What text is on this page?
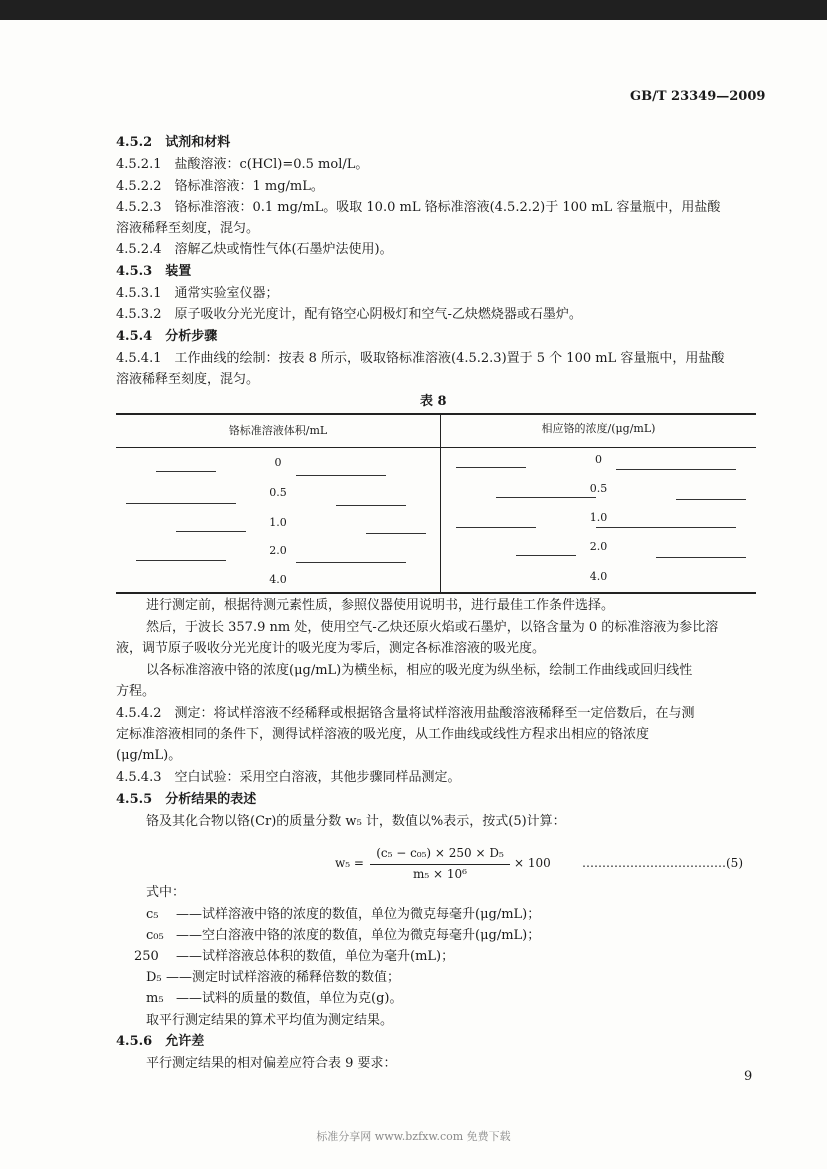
GB/T 23349—2009
4.5.2　试剂和材料
4.5.2.1　盐酸溶液：c(HCl)=0.5 mol/L。
4.5.2.2　铬标准溶液：1 mg/mL。
4.5.2.3　铬标准溶液：0.1 mg/mL。吸取 10.0 mL 铬标准溶液(4.5.2.2)于 100 mL 容量瓶中，用盐酸
溶液稀释至刻度，混匀。
4.5.2.4　溶解乙炔或惰性气体(石墨炉法使用)。
4.5.3　装置
4.5.3.1　通常实验室仪器；
4.5.3.2　原子吸收分光光度计，配有铬空心阴极灯和空气-乙炔燃烧器或石墨炉。
4.5.4　分析步骤
4.5.4.1　工作曲线的绘制：按表 8 所示，吸取铬标准溶液(4.5.2.3)置于 5 个 100 mL 容量瓶中，用盐酸
溶液稀释至刻度，混匀。
表 8
铬标准溶液体积/mL	相应铬的浓度/(μg/mL)
0	0
0.5	0.5
1.0	1.0
2.0	2.0
4.0	4.0
进行测定前，根据待测元素性质，参照仪器使用说明书，进行最佳工作条件选择。
然后，于波长 357.9 nm 处，使用空气-乙炔还原火焰或石墨炉，以铬含量为 0 的标准溶液为参比溶
液，调节原子吸收分光光度计的吸光度为零后，测定各标准溶液的吸光度。
以各标准溶液中铬的浓度(μg/mL)为横坐标，相应的吸光度为纵坐标，绘制工作曲线或回归线性
方程。
4.5.4.2　测定：将试样溶液不经稀释或根据铬含量将试样溶液用盐酸溶液稀释至一定倍数后，在与测
定标准溶液相同的条件下，测得试样溶液的吸光度，从工作曲线或线性方程求出相应的铬浓度
(μg/mL)。
4.5.4.3　空白试验：采用空白溶液，其他步骤同样品测定。
4.5.5　分析结果的表述
铬及其化合物以铬(Cr)的质量分数 w₅ 计，数值以%表示，按式(5)计算：
w₅ =
(c₅ − c₀₅) × 250 × D₅
m₅ × 10⁶
× 100	………………………………(5)
式中：
c₅ ——试样溶液中铬的浓度的数值，单位为微克每毫升(μg/mL)；
c₀₅ ——空白溶液中铬的浓度的数值，单位为微克每毫升(μg/mL)；
250 ——试样溶液总体积的数值，单位为毫升(mL)；
D₅ ——测定时试样溶液的稀释倍数的数值；
m₅ ——试料的质量的数值，单位为克(g)。
取平行测定结果的算术平均值为测定结果。
4.5.6　允许差
平行测定结果的相对偏差应符合表 9 要求：
9
标准分享网 www.bzfxw.com 免费下载
